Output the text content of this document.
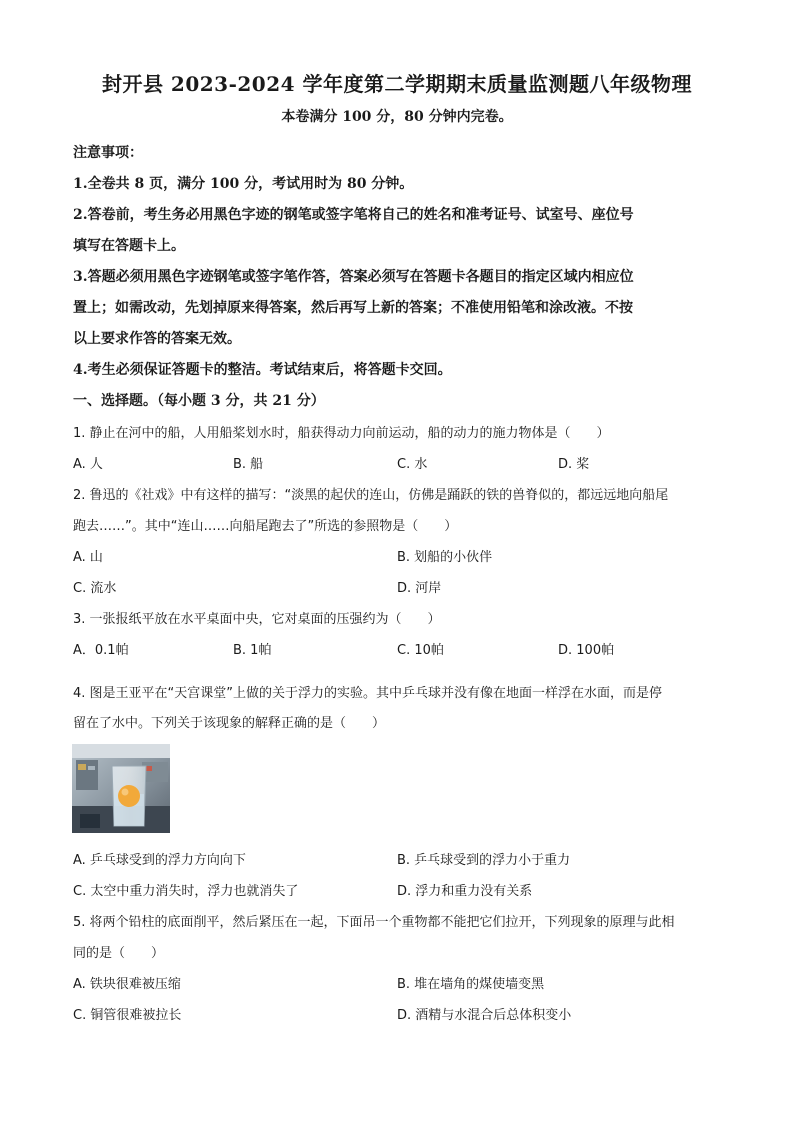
封开县 2023-2024 学年度第二学期期末质量监测题八年级物理
本卷满分 100 分，80 分钟内完卷。
注意事项：
1.全卷共 8 页，满分 100 分，考试用时为 80 分钟。
2.答卷前，考生务必用黑色字迹的钢笔或签字笔将自己的姓名和准考证号、试室号、座位号
填写在答题卡上。
3.答题必须用黑色字迹钢笔或签字笔作答，答案必须写在答题卡各题目的指定区域内相应位
置上；如需改动，先划掉原来得答案，然后再写上新的答案；不准使用铅笔和涂改液。不按
以上要求作答的答案无效。
4.考生必须保证答题卡的整洁。考试结束后，将答题卡交回。
一、选择题。（每小题 3 分，共 21 分）
1. 静止在河中的船，人用船桨划水时，船获得动力向前运动，船的动力的施力物体是（　　）
A. 人	B. 船	C. 水	D. 桨
2. 鲁迅的《社戏》中有这样的描写：“淡黑的起伏的连山，仿佛是踊跃的铁的兽脊似的，都远远地向船尾
跑去……”。其中“连山……向船尾跑去了”所选的参照物是（　　）
A. 山	B. 划船的小伙伴
C. 流水	D. 河岸
3. 一张报纸平放在水平桌面中央，它对桌面的压强约为（　　）
A．0.1帕	B. 1帕	C. 10帕	D. 100帕
4. 图是王亚平在“天宫课堂”上做的关于浮力的实验。其中乒乓球并没有像在地面一样浮在水面，而是停
留在了水中。下列关于该现象的解释正确的是（　　）
A. 乒乓球受到的浮力方向向下	B. 乒乓球受到的浮力小于重力
C. 太空中重力消失时，浮力也就消失了	D. 浮力和重力没有关系
5. 将两个铅柱的底面削平，然后紧压在一起，下面吊一个重物都不能把它们拉开，下列现象的原理与此相
同的是（　　）
A. 铁块很难被压缩	B. 堆在墙角的煤使墙变黑
C. 铜管很难被拉长	D. 酒精与水混合后总体积变小
